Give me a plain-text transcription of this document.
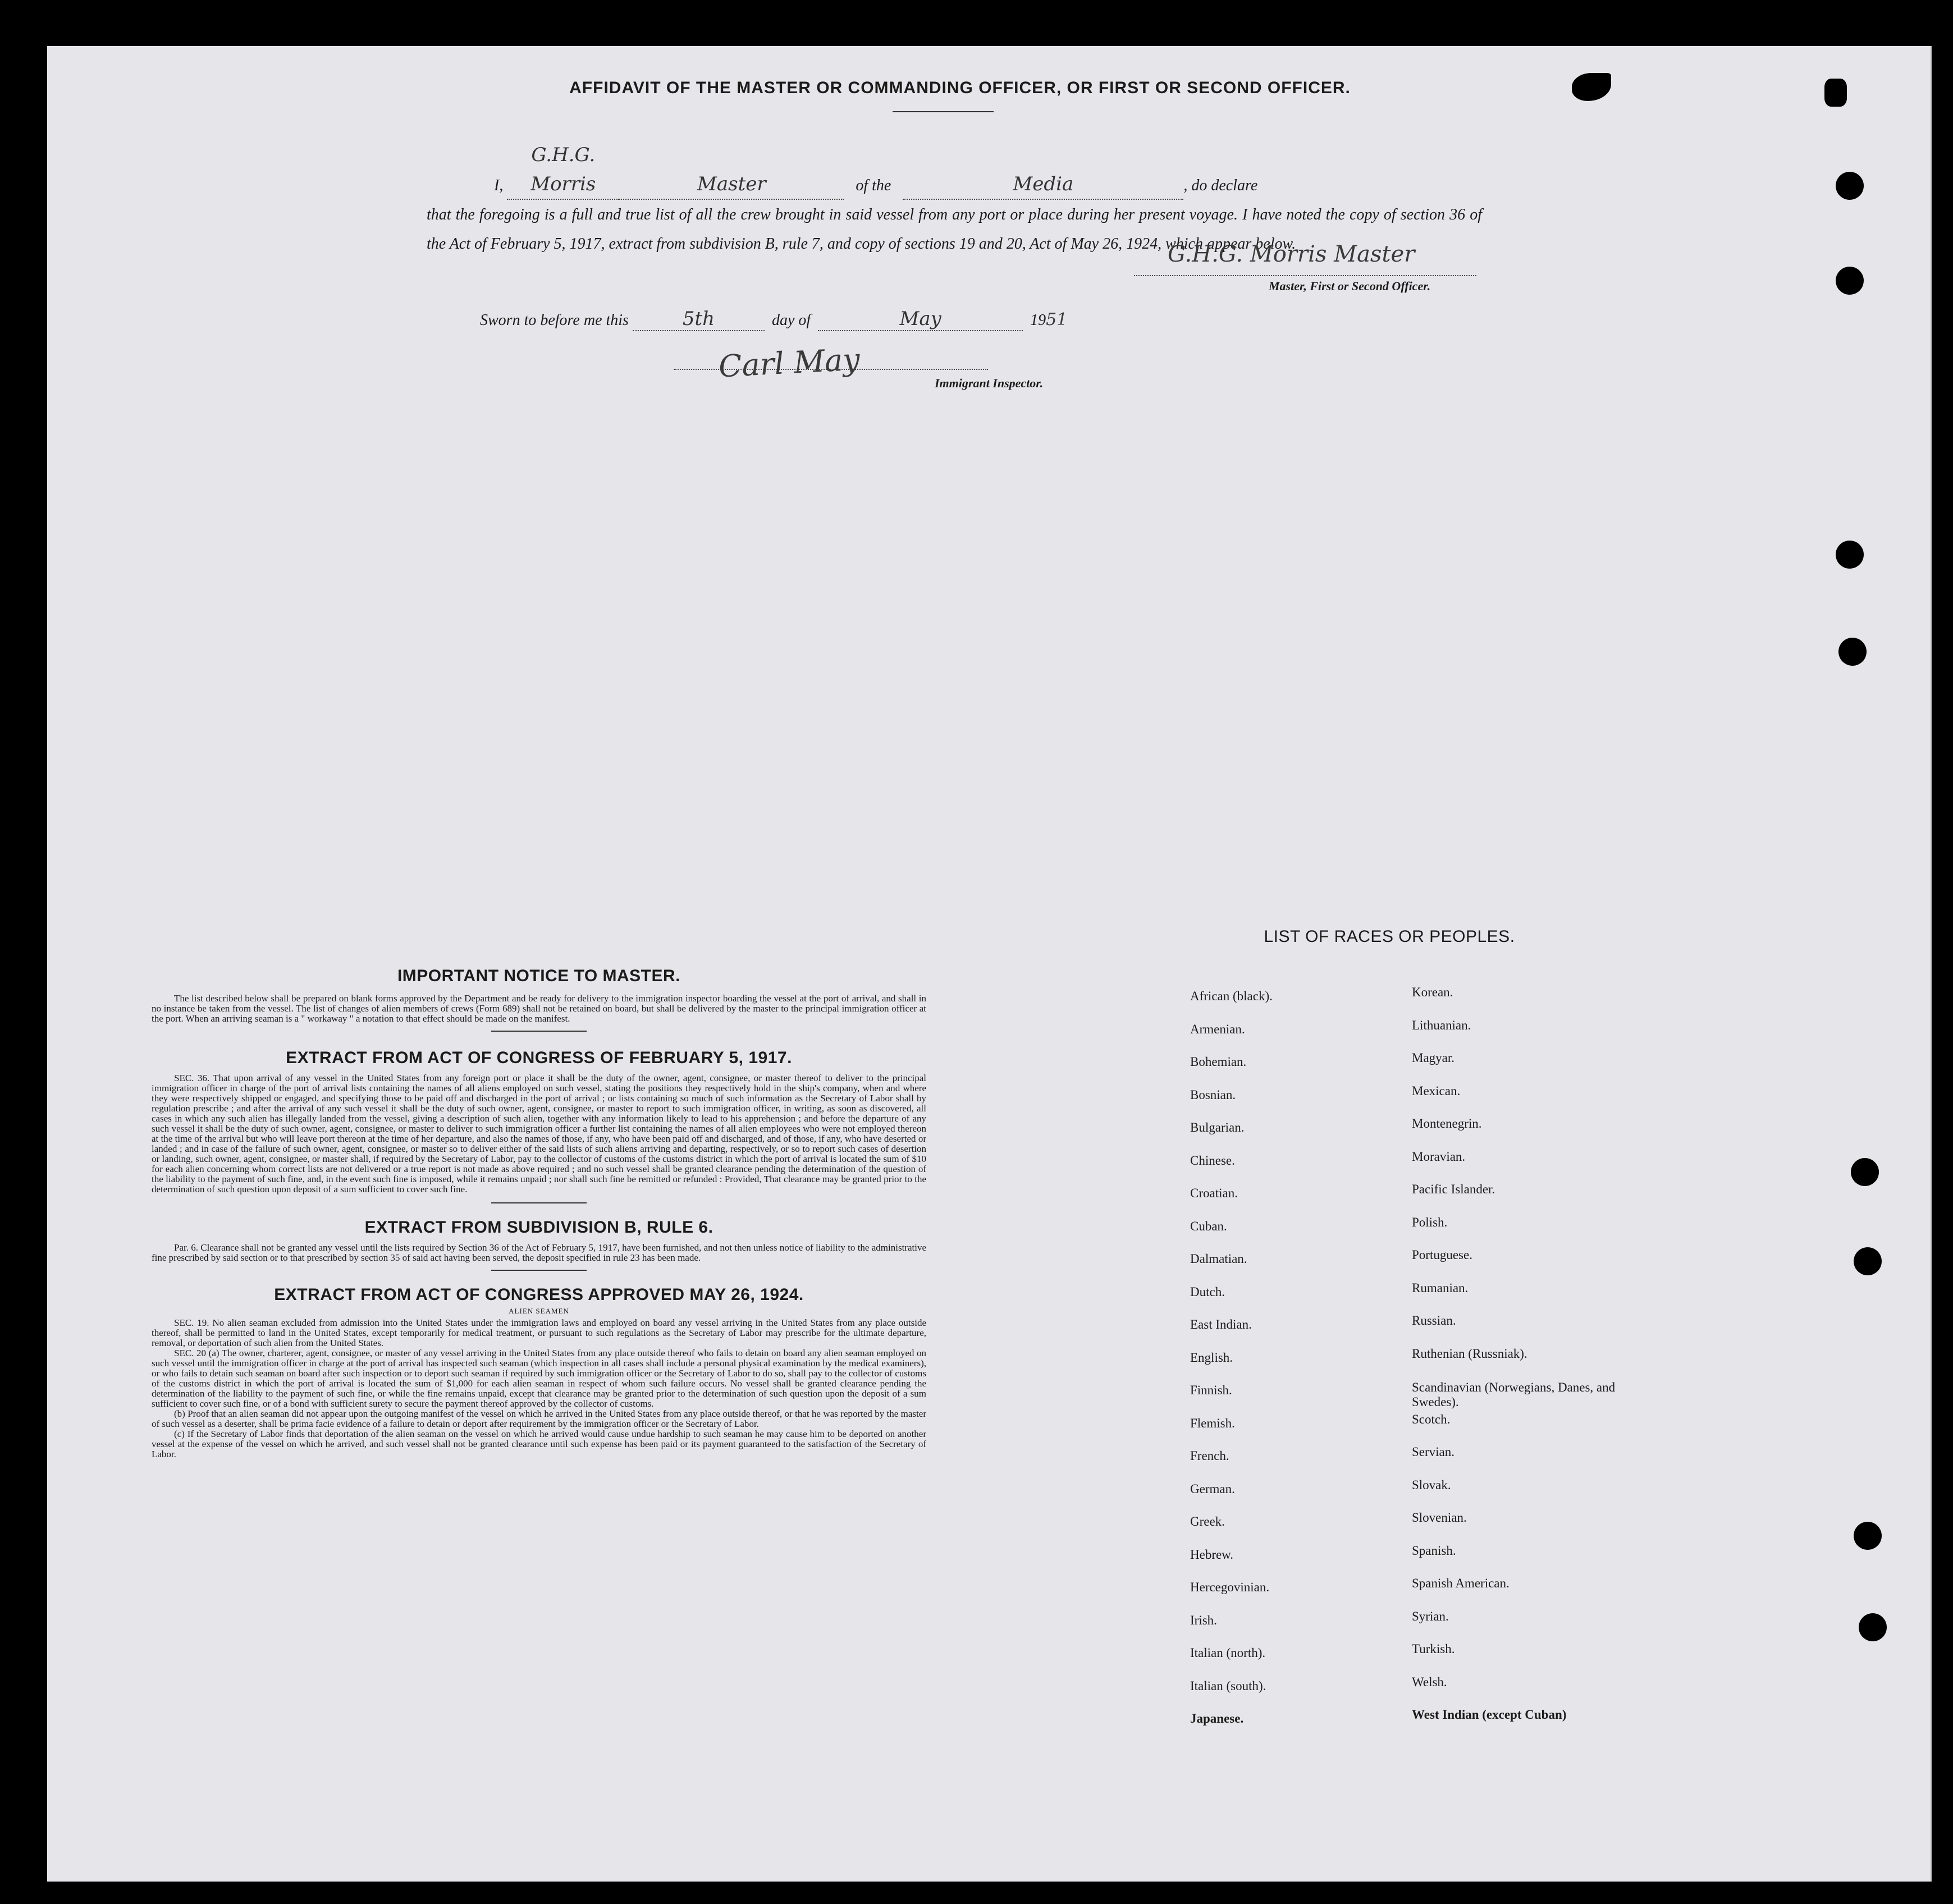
AFFIDAVIT OF THE MASTER OR COMMANDING OFFICER, OR FIRST OR SECOND OFFICER.
I, G.H.G. Morris	Master	of the	Media	, do declare
that the foregoing is a full and true list of all the crew brought in said vessel from any port or place during her present voyage. I have noted the copy of section 36 of the Act of February 5, 1917, extract from subdivision B, rule 7, and copy of sections 19 and 20, Act of May 26, 1924, which appear below.
G.H.G. Morris Master
Master, First or Second Officer.
Sworn to before me this	5th	day of	May	1951
Carl May	Immigrant Inspector.
IMPORTANT NOTICE TO MASTER.
The list described below shall be prepared on blank forms approved by the Department and be ready for delivery to the immigration inspector boarding the vessel at the port of arrival, and shall in no instance be taken from the vessel. The list of changes of alien members of crews (Form 689) shall not be retained on board, but shall be delivered by the master to the principal immigration officer at the port. When an arriving seaman is a " workaway " a notation to that effect should be made on the manifest.
EXTRACT FROM ACT OF CONGRESS OF FEBRUARY 5, 1917.
SEC. 36. That upon arrival of any vessel in the United States from any foreign port or place it shall be the duty of the owner, agent, consignee, or master thereof to deliver to the principal immigration officer in charge of the port of arrival lists containing the names of all aliens employed on such vessel, stating the positions they respectively hold in the ship's company, when and where they were respectively shipped or engaged, and specifying those to be paid off and discharged in the port of arrival ; or lists containing so much of such information as the Secretary of Labor shall by regulation prescribe ; and after the arrival of any such vessel it shall be the duty of such owner, agent, consignee, or master to report to such immigration officer, in writing, as soon as discovered, all cases in which any such alien has illegally landed from the vessel, giving a description of such alien, together with any information likely to lead to his apprehension ; and before the departure of any such vessel it shall be the duty of such owner, agent, consignee, or master to deliver to such immigration officer a further list containing the names of all alien employees who were not employed thereon at the time of the arrival but who will leave port thereon at the time of her departure, and also the names of those, if any, who have been paid off and discharged, and of those, if any, who have deserted or landed ; and in case of the failure of such owner, agent, consignee, or master so to deliver either of the said lists of such aliens arriving and departing, respectively, or so to report such cases of desertion or landing, such owner, agent, consignee, or master shall, if required by the Secretary of Labor, pay to the collector of customs of the customs district in which the port of arrival is located the sum of $10 for each alien concerning whom correct lists are not delivered or a true report is not made as above required ; and no such vessel shall be granted clearance pending the determination of the question of the liability to the payment of such fine, and, in the event such fine is imposed, while it remains unpaid ; nor shall such fine be remitted or refunded : Provided, That clearance may be granted prior to the determination of such question upon deposit of a sum sufficient to cover such fine.
EXTRACT FROM SUBDIVISION B, RULE 6.
Par. 6. Clearance shall not be granted any vessel until the lists required by Section 36 of the Act of February 5, 1917, have been furnished, and not then unless notice of liability to the administrative fine prescribed by said section or to that prescribed by section 35 of said act having been served, the deposit specified in rule 23 has been made.
EXTRACT FROM ACT OF CONGRESS APPROVED MAY 26, 1924.
ALIEN SEAMEN
SEC. 19. No alien seaman excluded from admission into the United States under the immigration laws and employed on board any vessel arriving in the United States from any place outside thereof, shall be permitted to land in the United States, except temporarily for medical treatment, or pursuant to such regulations as the Secretary of Labor may prescribe for the ultimate departure, removal, or deportation of such alien from the United States.
SEC. 20 (a) The owner, charterer, agent, consignee, or master of any vessel arriving in the United States from any place outside thereof who fails to detain on board any alien seaman employed on such vessel until the immigration officer in charge at the port of arrival has inspected such seaman (which inspection in all cases shall include a personal physical examination by the medical examiners), or who fails to detain such seaman on board after such inspection or to deport such seaman if required by such immigration officer or the Secretary of Labor to do so, shall pay to the collector of customs of the customs district in which the port of arrival is located the sum of $1,000 for each alien seaman in respect of whom such failure occurs. No vessel shall be granted clearance pending the determination of the liability to the payment of such fine, or while the fine remains unpaid, except that clearance may be granted prior to the determination of such question upon the deposit of a sum sufficient to cover such fine, or of a bond with sufficient surety to secure the payment thereof approved by the collector of customs.
(b) Proof that an alien seaman did not appear upon the outgoing manifest of the vessel on which he arrived in the United States from any place outside thereof, or that he was reported by the master of such vessel as a deserter, shall be prima facie evidence of a failure to detain or deport after requirement by the immigration officer or the Secretary of Labor.
(c) If the Secretary of Labor finds that deportation of the alien seaman on the vessel on which he arrived would cause undue hardship to such seaman he may cause him to be deported on another vessel at the expense of the vessel on which he arrived, and such vessel shall not be granted clearance until such expense has been paid or its payment guaranteed to the satisfaction of the Secretary of Labor.
LIST OF RACES OR PEOPLES.
African (black).
Armenian.
Bohemian.
Bosnian.
Bulgarian.
Chinese.
Croatian.
Cuban.
Dalmatian.
Dutch.
East Indian.
English.
Finnish.
Flemish.
French.
German.
Greek.
Hebrew.
Hercegovinian.
Irish.
Italian (north).
Italian (south).
Japanese.
Korean.
Lithuanian.
Magyar.
Mexican.
Montenegrin.
Moravian.
Pacific Islander.
Polish.
Portuguese.
Rumanian.
Russian.
Ruthenian (Russniak).
Scandinavian (Norwegians, Danes, and Swedes).
Scotch.
Servian.
Slovak.
Slovenian.
Spanish.
Spanish American.
Syrian.
Turkish.
Welsh.
West Indian (except Cuban)
